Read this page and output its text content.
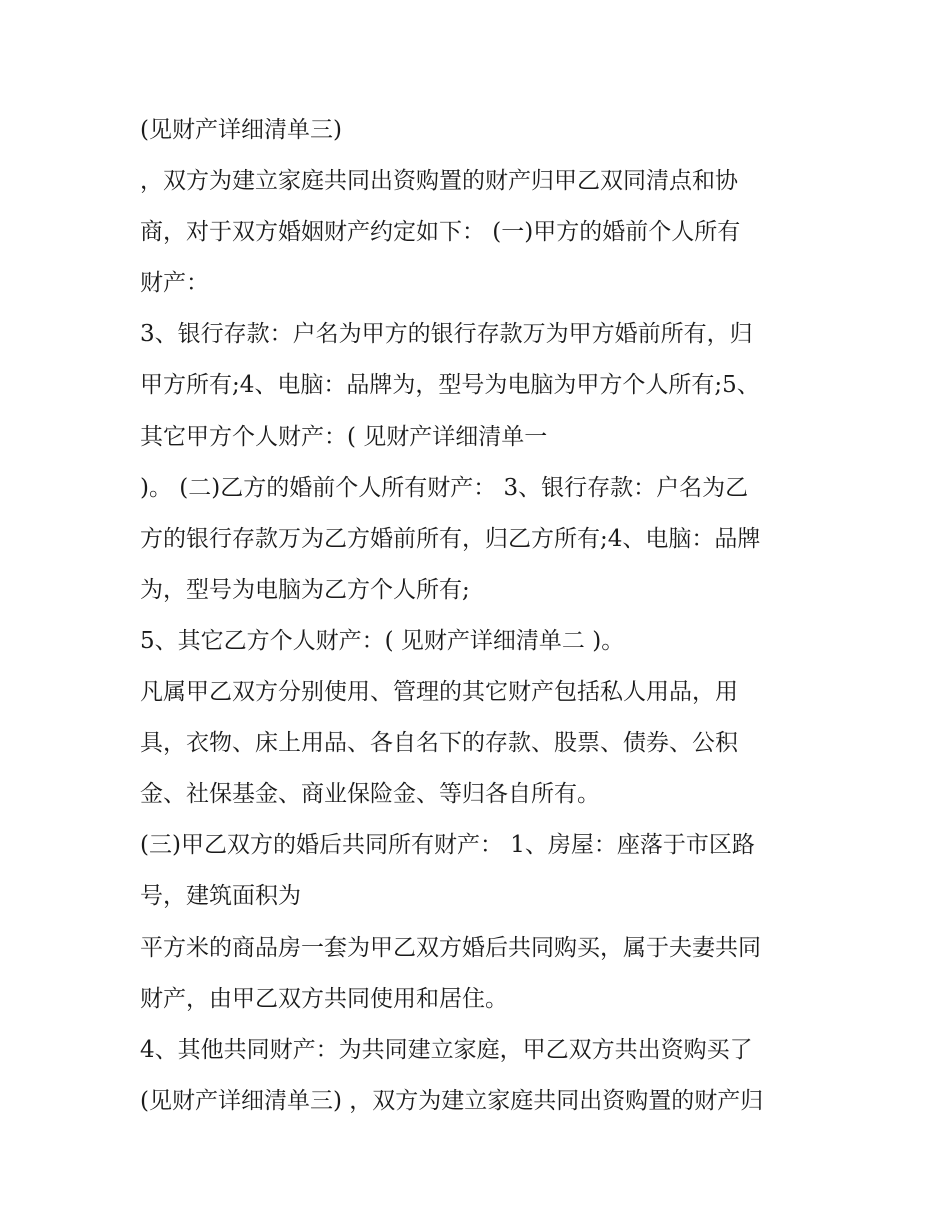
(见财产详细清单三)
，双方为建立家庭共同出资购置的财产归甲乙双同清点和协
商，对于双方婚姻财产约定如下： (一)甲方的婚前个人所有
财产：
3、银行存款：户名为甲方的银行存款万为甲方婚前所有，归
甲方所有;4、电脑：品牌为，型号为电脑为甲方个人所有;5、
其它甲方个人财产：( 见财产详细清单一
)。 (二)乙方的婚前个人所有财产： 3、银行存款：户名为乙
方的银行存款万为乙方婚前所有，归乙方所有;4、电脑：品牌
为，型号为电脑为乙方个人所有;
5、其它乙方个人财产：( 见财产详细清单二 )。
凡属甲乙双方分别使用、管理的其它财产包括私人用品，用
具，衣物、床上用品、各自名下的存款、股票、债券、公积
金、社保基金、商业保险金、等归各自所有。
(三)甲乙双方的婚后共同所有财产： 1、房屋：座落于市区路
号，建筑面积为
平方米的商品房一套为甲乙双方婚后共同购买，属于夫妻共同
财产，由甲乙双方共同使用和居住。
4、其他共同财产：为共同建立家庭，甲乙双方共出资购买了
(见财产详细清单三) ，双方为建立家庭共同出资购置的财产归
